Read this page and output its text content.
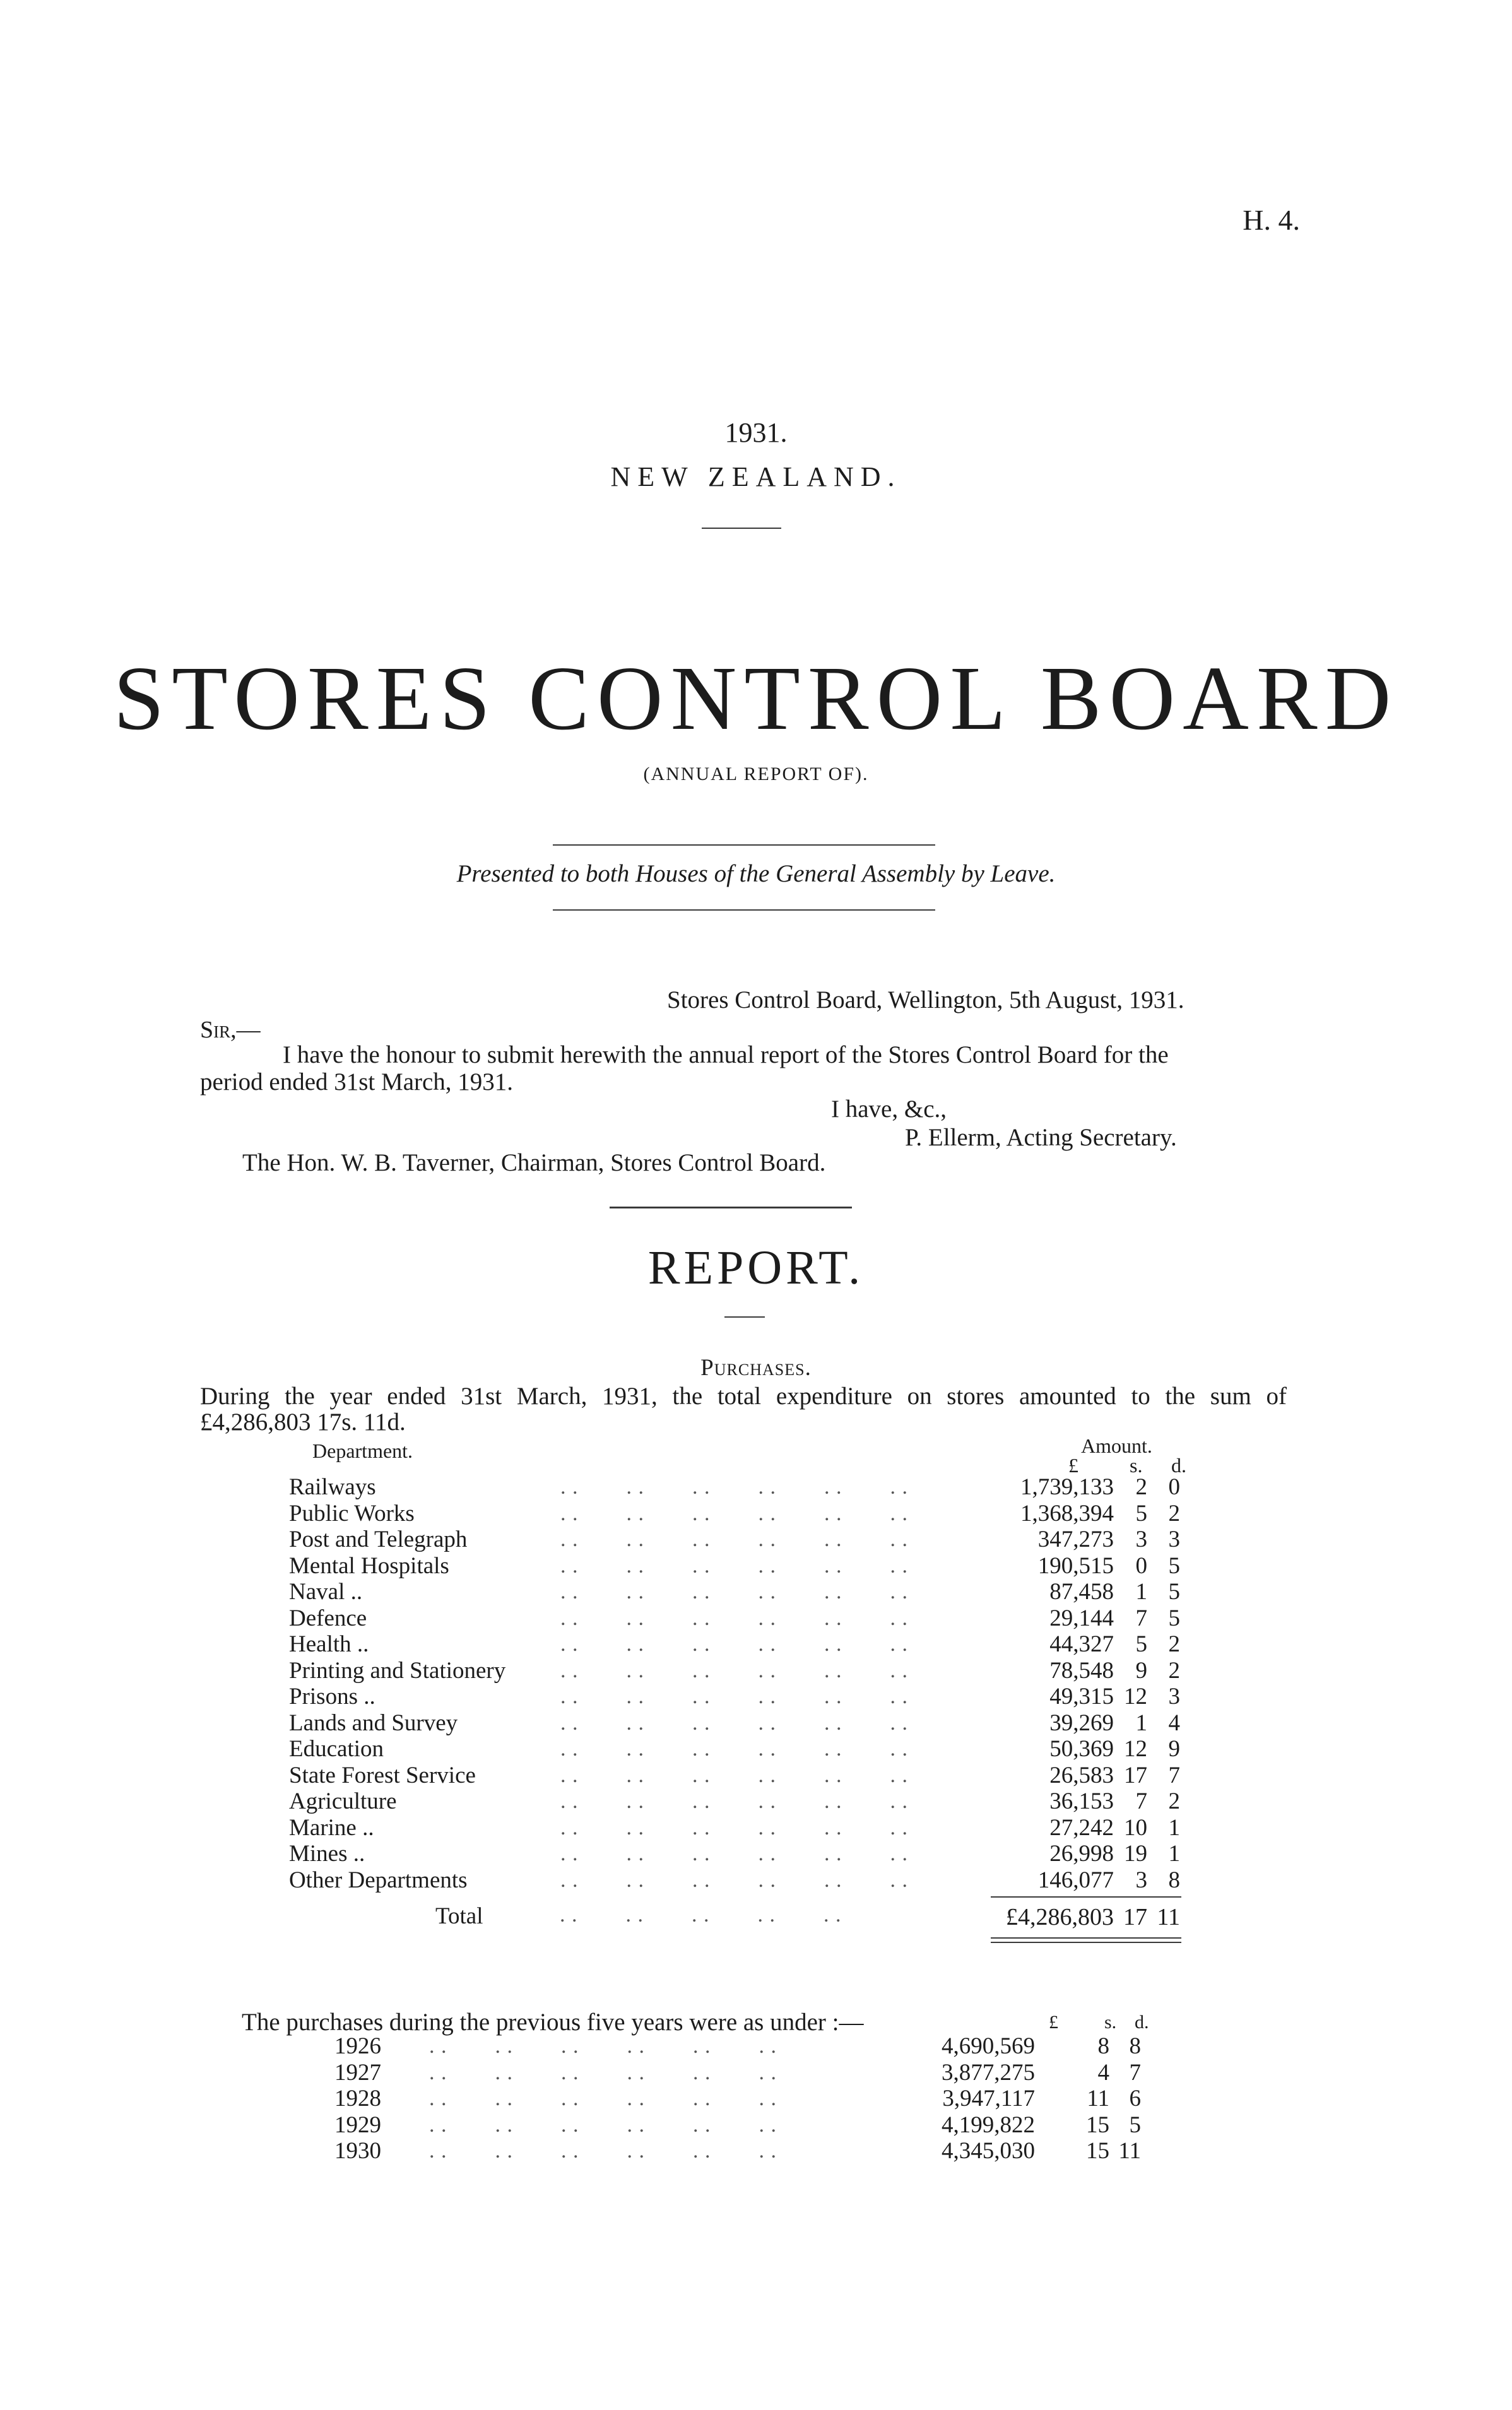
H. 4.
1931.
NEW ZEALAND.
STORES CONTROL BOARD
(ANNUAL REPORT OF).
Presented to both Houses of the General Assembly by Leave.
Stores Control Board, Wellington, 5th August, 1931.
Sir,—
I have the honour to submit herewith the annual report of the Stores Control Board for the
period ended 31st March, 1931.
I have, &c.,
P. Ellerm, Acting Secretary.
The Hon. W. B. Taverner, Chairman, Stores Control Board.
REPORT.
Purchases.
During the year ended 31st March, 1931, the total expenditure on stores amounted to the sum of
£4,286,803 17s. 11d.
Department.	Amount.
£	s. d.
Railways	. .        . .        . .        . .        . .        . .	1,739,133 2 0
Public Works	. .        . .        . .        . .        . .        . .	1,368,394 5 2
Post and Telegraph	. .        . .        . .        . .        . .        . .	347,273 3 3
Mental Hospitals	. .        . .        . .        . .        . .        . .	190,515 0 5
Naval ..	. .        . .        . .        . .        . .        . .	87,458 1 5
Defence	. .        . .        . .        . .        . .        . .	29,144 7 5
Health ..	. .        . .        . .        . .        . .        . .	44,327 5 2
Printing and Stationery	. .        . .        . .        . .        . .        . .	78,548 9 2
Prisons ..	. .        . .        . .        . .        . .        . .	49,315 12 3
Lands and Survey	. .        . .        . .        . .        . .        . .	39,269 1 4
Education	. .        . .        . .        . .        . .        . .	50,369 12 9
State Forest Service	. .        . .        . .        . .        . .        . .	26,583 17 7
Agriculture	. .        . .        . .        . .        . .        . .	36,153 7 2
Marine ..	. .        . .        . .        . .        . .        . .	27,242 10 1
Mines ..	. .        . .        . .        . .        . .        . .	26,998 19 1
Other Departments	. .        . .        . .        . .        . .        . .	146,077 3 8
Total	. .        . .        . .        . .        . .	£4,286,803 17 11
The purchases during the previous five years were as under :—	£ s. d.
1926 . .        . .        . .        . .        . .        . .	4,690,569	8 8
1927 . .        . .        . .        . .        . .        . .	3,877,275	4 7
1928 . .        . .        . .        . .        . .        . .	3,947,117	11 6
1929 . .        . .        . .        . .        . .        . .	4,199,822 15 5
1930 . .        . .        . .        . .        . .        . .	4,345,030 15 11
